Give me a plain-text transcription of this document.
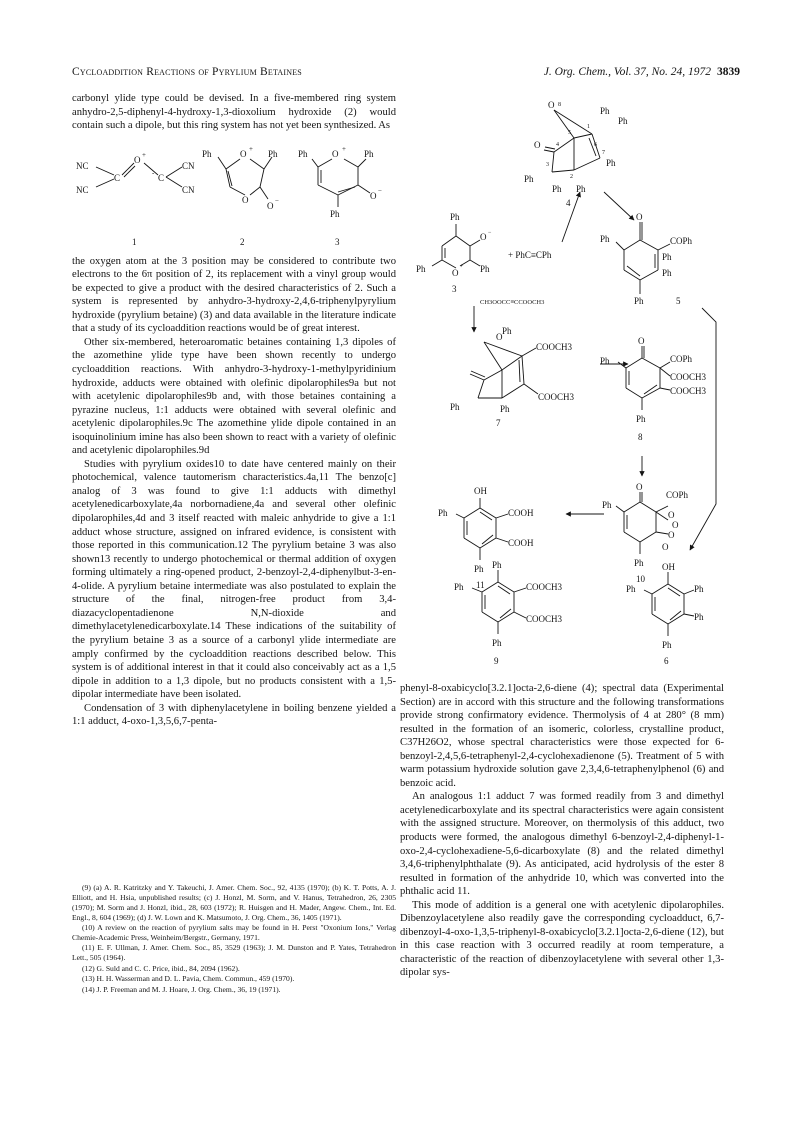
Cycloaddition Reactions of Pyrylium Betaines	J. Org. Chem., Vol. 37, No. 24, 1972 3839

carbonyl ylide type could be devised. In a five-membered ring system anhydro-2,5-diphenyl-4-hydroxy-1,3-dioxolium hydroxide (2) would contain such a dipole, but this ring system has not yet been synthesized. As

NC
NC
C
O +
- C
CN
CN
1
O +
Ph	Ph
O
O −
2
O +
Ph	Ph
Ph
O −
3

the oxygen atom at the 3 position may be considered to contribute two electrons to the 6π position of 2, its replacement with a vinyl group would be expected to give a product with the desired characteristics of 2. Such a system is represented by anhydro-3-hydroxy-2,4,6-triphenylpyrylium hydroxide (pyrylium betaine) (3) and data available in the literature indicate that a study of its cycloaddition reactions would be of great interest.

Other six-membered, heteroaromatic betaines containing 1,3 dipoles of the azomethine ylide type have been shown recently to undergo cycloaddition reactions. With anhydro-3-hydroxy-1-methylpyridinium hydroxide, adducts were obtained with olefinic dipolarophiles9a but not with acetylenic dipolarophiles9b and, with those betaines containing a pyrazine nucleus, 1:1 adducts were obtained with several olefinic and acetylenic dipolarophiles.9c The azomethine ylide dipole contained in an isoquinolinium imine has also been shown to react with a variety of olefinic and acetylenic dipolarophiles.9d

Studies with pyrylium oxides10 to date have centered mainly on their photochemical, valence tautomerism characteristics.4a,11 The benzo[c] analog of 3 was found to give 1:1 adducts with dimethyl acetylenedicarboxylate,4a norbornadiene,4a and several other olefinic dipolarophiles,4d and 3 itself reacted with maleic anhydride to give a 1:1 adduct whose structure, assigned on infrared evidence, is consistent with those reported in this communication.12 The pyrylium betaine 3 was also shown13 recently to undergo photochemical or thermal addition of oxygen forming ultimately a ring-opened product, 2-benzoyl-2,4-diphenylbut-3-en-4-olide. A pyrylium betaine intermediate was also postulated to explain the structure of the final, nitrogen-free product from 3,4-diazacyclopentadienone N,N-dioxide and dimethylacetylenedicarboxylate.14 These indications of the suitability of the pyrylium betaine 3 as a source of a carbonyl ylide intermediate are amply confirmed by the cycloaddition reactions described below. This system is of additional interest in that it could also conceivably act as a 1,5 dipole in addition to a 1,3 dipole, but no products consistent with a 1,5-dipolar intermediate have been isolated.

Condensation of 3 with diphenylacetylene in boiling benzene yielded a 1:1 adduct, 4-oxo-1,3,5,6,7-penta-

(9) (a) A. R. Katritzky and Y. Takeuchi, J. Amer. Chem. Soc., 92, 4135 (1970); (b) K. T. Potts, A. J. Elliott, and H. Hsia, unpublished results; (c) J. Honzl, M. Sorm, and V. Hanus, Tetrahedron, 26, 2305 (1970); M. Sorm and J. Honzl, ibid., 28, 603 (1972); R. Huisgen and H. Mader, Angew. Chem., Int. Ed. Engl., 8, 604 (1969); (d) J. W. Lown and K. Matsumoto, J. Org. Chem., 36, 1405 (1971).

(10) A review on the reaction of pyrylium salts may be found in H. Perst "Oxonium Ions," Verlag Chemie-Academic Press, Weinheim/Bergstr., Germany, 1971.

(11) E. F. Ullman, J. Amer. Chem. Soc., 85, 3529 (1963); J. M. Dunston and P. Yates, Tetrahedron Lett., 505 (1964).

(12) G. Suld and C. C. Price, ibid., 84, 2094 (1962).

(13) H. H. Wasserman and D. L. Pavia, Chem. Commun., 459 (1970).

(14) J. P. Freeman and M. J. Hoare, J. Org. Chem., 36, 19 (1971).

O 8
Ph
Ph
1
5
4
3
2
7
6
O
Ph
Ph Ph
Ph
4
Ph
Ph	Ph
O
+
O −
3
+ PhC≡CPh
CH3OOCC≡CCOOCH3
O
Ph	COPh
Ph
Ph
Ph	5
O
Ph
Ph	Ph
COOCH3
COOCH3
7
O
Ph
Ph
COPh
COOCH3
COOCH3
8
O
Ph
Ph
COPh
O
O
O
O
10
OH
Ph
Ph
COOH
COOH
11
Ph
Ph
Ph
COOCH3
COOCH3
9
OH
Ph	Ph
Ph
Ph
6

phenyl-8-oxabicyclo[3.2.1]octa-2,6-diene (4); spectral data (Experimental Section) are in accord with this structure and the following transformations provide strong confirmatory evidence. Thermolysis of 4 at 280° (8 mm) resulted in the formation of an isomeric, colorless, crystalline product, C37H26O2, whose spectral characteristics were those expected for 6-benzoyl-2,4,5,6-tetraphenyl-2,4-cyclohexadienone (5). Treatment of 5 with warm potassium hydroxide solution gave 2,3,4,6-tetraphenylphenol (6) and benzoic acid.

An analogous 1:1 adduct 7 was formed readily from 3 and dimethyl acetylenedicarboxylate and its spectral characteristics were again consistent with the assigned structure. Moreover, on thermolysis of this adduct, two products were formed, the analogous dimethyl 6-benzoyl-2,4-diphenyl-1-oxo-2,4-cyclohexadiene-5,6-dicarboxylate (8) and the related dimethyl 3,4,6-triphenylphthalate (9). As anticipated, acid hydrolysis of the ester 8 resulted in formation of the anhydride 10, which was converted into the phthalic acid 11.

This mode of addition is a general one with acetylenic dipolarophiles. Dibenzoylacetylene also readily gave the corresponding cycloadduct, 6,7-dibenzoyl-4-oxo-1,3,5-triphenyl-8-oxabicyclo[3.2.1]octa-2,6-diene (12), but in this case reaction with 3 occurred readily at room temperature, a characteristic of the reaction of dibenzoylacetylene with several other 1,3-dipolar sys-
